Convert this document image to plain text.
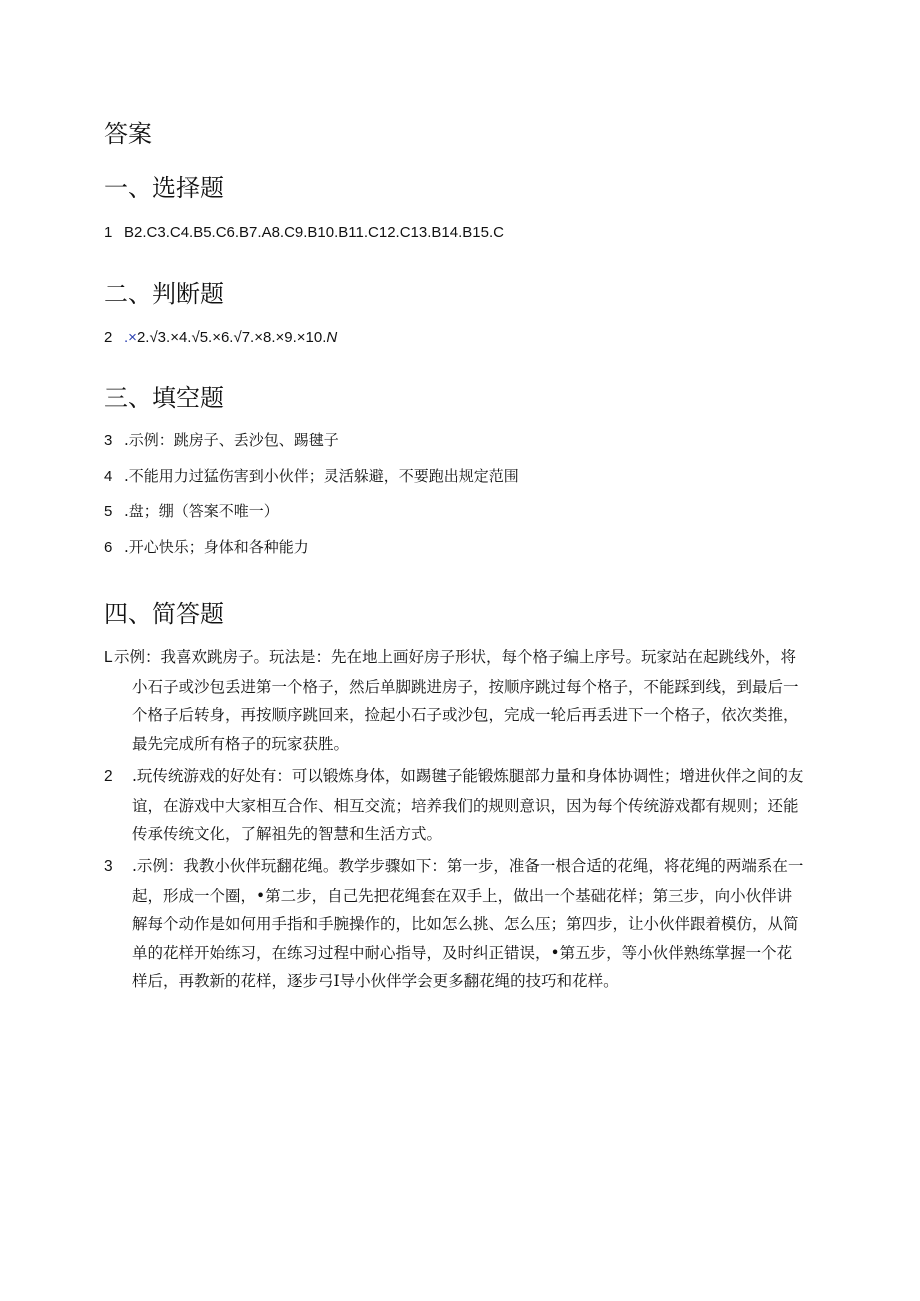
答案
一、选择题

1 B2.C3.C4.B5.C6.B7.A8.C9.B10.B11.C12.C13.B14.B15.C

二、判断题

2 .×2.√3.×4.√5.×6.√7.×8.×9.×10.N

三、填空题

3 .示例：跳房子、丢沙包、踢毽子

4 .不能用力过猛伤害到小伙伴；灵活躲避，不要跑出规定范围

5 .盘；绷（答案不唯一）

6 .开心快乐；身体和各种能力

四、简答题

L示例：我喜欢跳房子。玩法是：先在地上画好房子形状，每个格子编上序号。玩家站在起跳线外，将小石子或沙包丢进第一个格子，然后单脚跳进房子，按顺序跳过每个格子，不能踩到线，到最后一个格子后转身，再按顺序跳回来，捡起小石子或沙包，完成一轮后再丢进下一个格子，依次类推，最先完成所有格子的玩家获胜。

2 .玩传统游戏的好处有：可以锻炼身体，如踢毽子能锻炼腿部力量和身体协调性；增进伙伴之间的友谊，在游戏中大家相互合作、相互交流；培养我们的规则意识，因为每个传统游戏都有规则；还能传承传统文化，了解祖先的智慧和生活方式。

3 .示例：我教小伙伴玩翻花绳。教学步骤如下：第一步，准备一根合适的花绳，将花绳的两端系在一起，形成一个圈，•第二步，自己先把花绳套在双手上，做出一个基础花样；第三步，向小伙伴讲解每个动作是如何用手指和手腕操作的，比如怎么挑、怎么压；第四步，让小伙伴跟着模仿，从简单的花样开始练习，在练习过程中耐心指导，及时纠正错误，•第五步，等小伙伴熟练掌握一个花样后，再教新的花样，逐步弓I导小伙伴学会更多翻花绳的技巧和花样。
